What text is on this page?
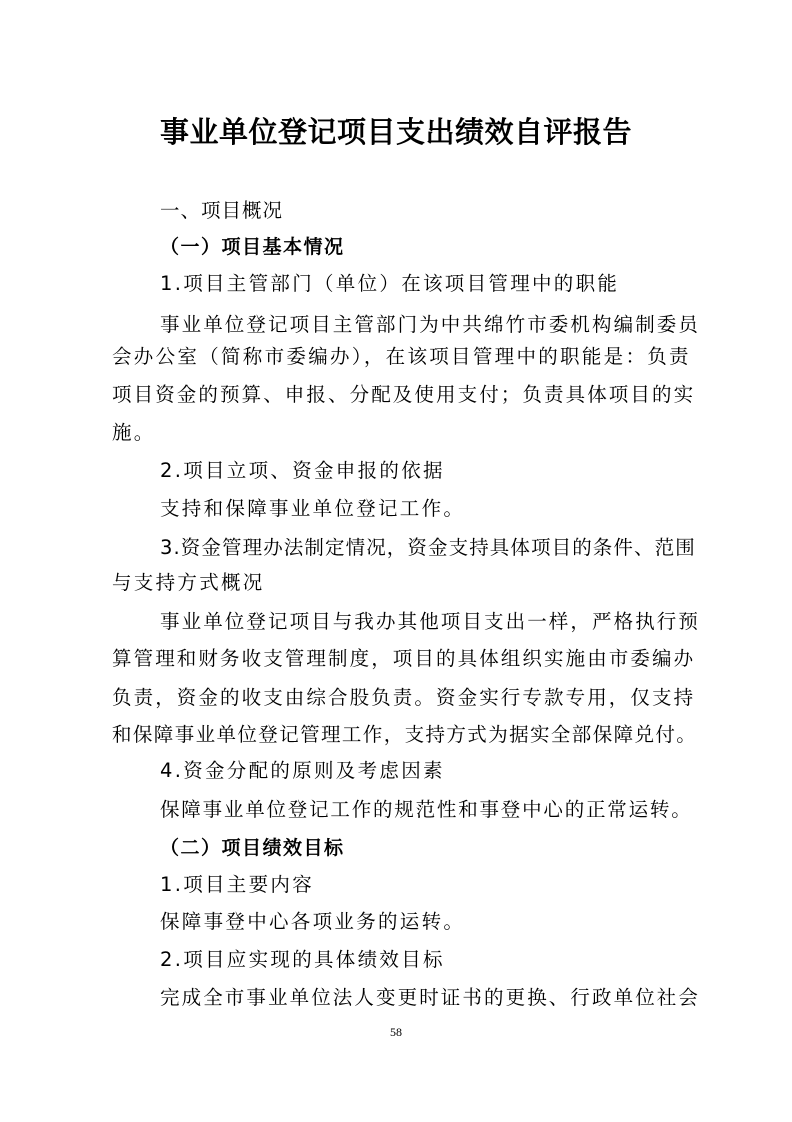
事业单位登记项目支出绩效自评报告
一、项目概况
（一）项目基本情况
1.项目主管部门（单位）在该项目管理中的职能
事业单位登记项目主管部门为中共绵竹市委机构编制委员
会办公室（简称市委编办），在该项目管理中的职能是：负责
项目资金的预算、申报、分配及使用支付；负责具体项目的实
施。
2.项目立项、资金申报的依据
支持和保障事业单位登记工作。
3.资金管理办法制定情况，资金支持具体项目的条件、范围
与支持方式概况
事业单位登记项目与我办其他项目支出一样，严格执行预
算管理和财务收支管理制度，项目的具体组织实施由市委编办
负责，资金的收支由综合股负责。资金实行专款专用，仅支持
和保障事业单位登记管理工作，支持方式为据实全部保障兑付。
4.资金分配的原则及考虑因素
保障事业单位登记工作的规范性和事登中心的正常运转。
（二）项目绩效目标
1.项目主要内容
保障事登中心各项业务的运转。
2.项目应实现的具体绩效目标
完成全市事业单位法人变更时证书的更换、行政单位社会
58
